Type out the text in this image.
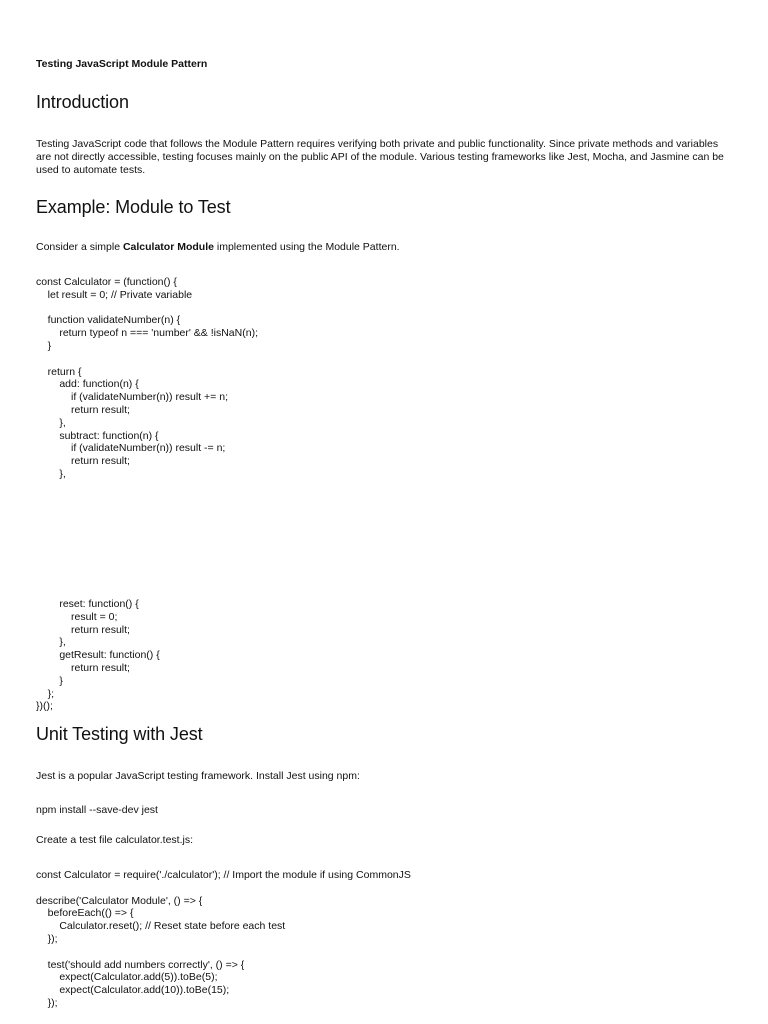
Testing JavaScript Module Pattern
Introduction
Testing JavaScript code that follows the Module Pattern requires verifying both private and public functionality. Since private methods and variables are not directly accessible, testing focuses mainly on the public API of the module. Various testing frameworks like Jest, Mocha, and Jasmine can be used to automate tests.
Example: Module to Test
Consider a simple Calculator Module implemented using the Module Pattern.
const Calculator = (function() {
let result = 0; // Private variable
function validateNumber(n) {
return typeof n === 'number' && !isNaN(n);
}
return {
add: function(n) {
if (validateNumber(n)) result += n;
return result;
},
subtract: function(n) {
if (validateNumber(n)) result -= n;
return result;
},
reset: function() {
result = 0;
return result;
},
getResult: function() {
return result;
}
};
})();
Unit Testing with Jest
Jest is a popular JavaScript testing framework. Install Jest using npm:
npm install --save-dev jest
Create a test file calculator.test.js:
const Calculator = require('./calculator'); // Import the module if using CommonJS
describe('Calculator Module', () => {
beforeEach(() => {
Calculator.reset(); // Reset state before each test
});
test('should add numbers correctly', () => {
expect(Calculator.add(5)).toBe(5);
expect(Calculator.add(10)).toBe(15);
});
